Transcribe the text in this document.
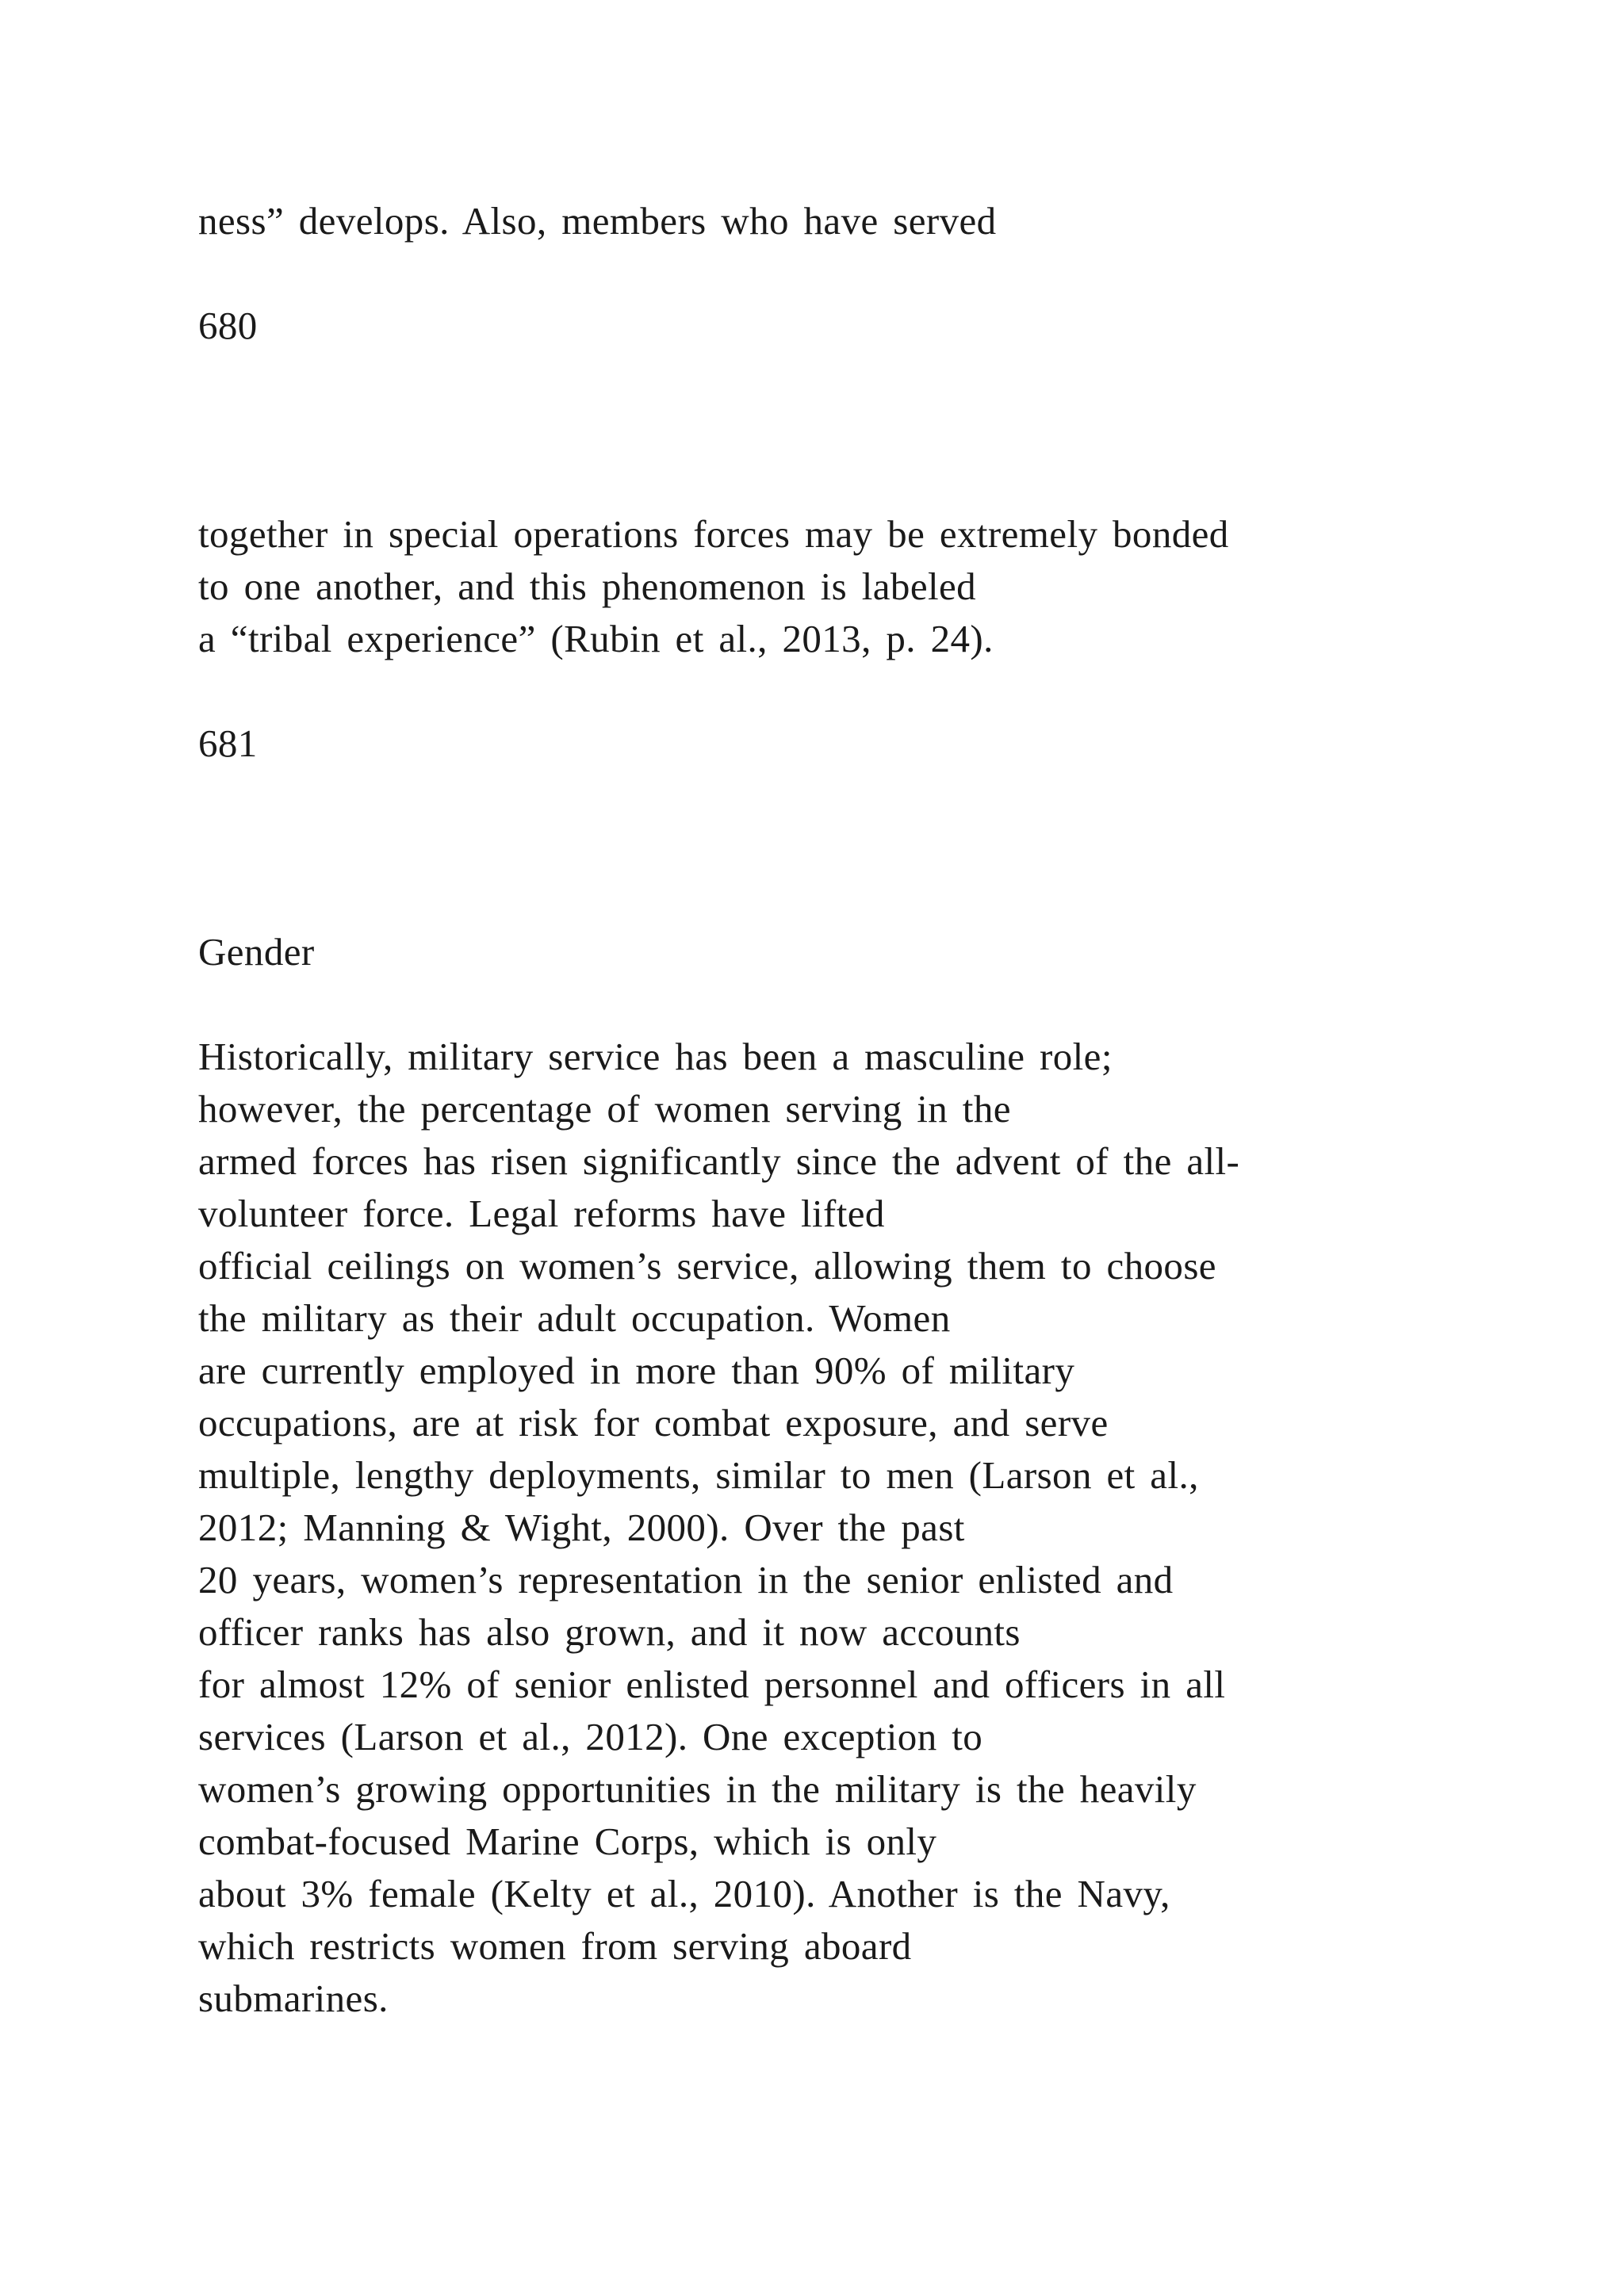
ness” develops. Also, members who have served

680

together in special operations forces may be extremely bonded

to one another, and this phenomenon is labeled

a “tribal experience” (Rubin et al., 2013, p. 24).

681

Gender

Historically, military service has been a masculine role;

however, the percentage of women serving in the

armed forces has risen significantly since the advent of the all-

volunteer force. Legal reforms have lifted

official ceilings on women’s service, allowing them to choose

the military as their adult occupation. Women

are currently employed in more than 90% of military

occupations, are at risk for combat exposure, and serve

multiple, lengthy deployments, similar to men (Larson et al.,

2012; Manning & Wight, 2000). Over the past

20 years, women’s representation in the senior enlisted and

officer ranks has also grown, and it now accounts

for almost 12% of senior enlisted personnel and officers in all

services (Larson et al., 2012). One exception to

women’s growing opportunities in the military is the heavily

combat-focused Marine Corps, which is only

about 3% female (Kelty et al., 2010). Another is the Navy,

which restricts women from serving aboard

submarines.
